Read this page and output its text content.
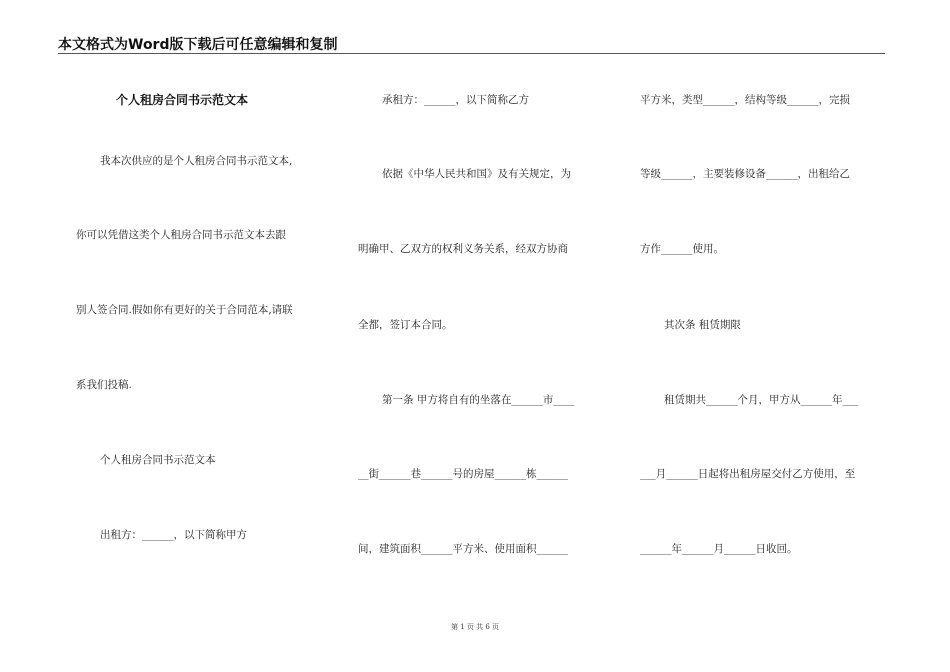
本文格式为Word版下载后可任意编辑和复制
个人租房合同书示范文本
我本次供应的是个人租房合同书示范文本,
你可以凭借这类个人租房合同书示范文本去跟
别人签合同.假如你有更好的关于合同范本,请联
系我们投稿.
个人租房合同书示范文本
出租方：______，以下简称甲方
承租方：______，以下简称乙方
依据《中华人民共和国》及有关规定，为
明确甲、乙双方的权利义务关系，经双方协商
全都，签订本合同。
第一条 甲方将自有的坐落在______市____
__街______巷______号的房屋______栋______
间，建筑面积______平方米、使用面积______
平方米，类型______，结构等级______，完损
等级______，主要装修设备______，出租给乙
方作______使用。
其次条 租赁期限
租赁期共______个月，甲方从______年___
___月______日起将出租房屋交付乙方使用，至
______年______月______日收回。
第 1 页 共 6 页
